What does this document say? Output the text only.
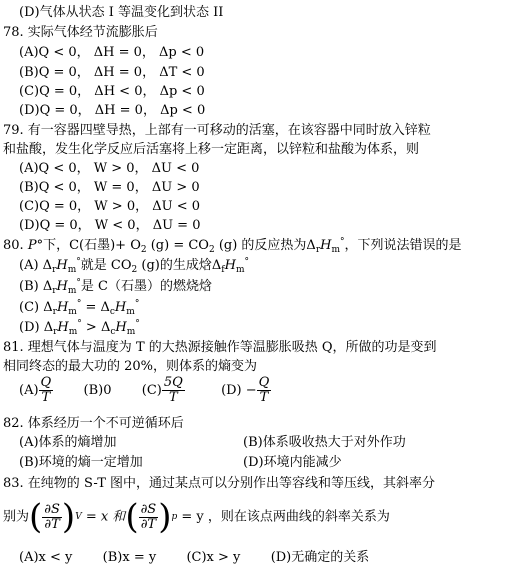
(D)气体从状态 I 等温变化到状态 II
78. 实际气体经节流膨胀后
(A)Q < 0， ΔH = 0， Δp < 0
(B)Q = 0， ΔH = 0， ΔT < 0
(C)Q = 0， ΔH < 0， Δp < 0
(D)Q = 0， ΔH = 0， Δp < 0
79. 有一容器四壁导热，上部有一可移动的活塞，在该容器中同时放入锌粒
和盐酸，发生化学反应后活塞将上移一定距离，以锌粒和盐酸为体系，则
(A)Q < 0， W > 0， ΔU < 0
(B)Q < 0， W = 0， ΔU > 0
(C)Q = 0， W > 0， ΔU < 0
(D)Q = 0， W < 0， ΔU = 0
80. P°下，C(石墨)+ $O_2$ $(g) = CO_2$ (g) 的反应热为$\Delta_rH_m^\circ$，下列说法错误的是
(A) $\Delta_rH_m^\circ$就是 $CO_2$ (g)的生成焓$\Delta_fH_m^\circ$
(B) $\Delta_rH_m^\circ$是 C（石墨）的燃烧焓
(C) $\Delta_rH_m^\circ = \Delta_cH_m^\circ$
(D) $\Delta_rH_m^\circ > \Delta_cH_m^\circ$
81. 理想气体与温度为 T 的大热源接触作等温膨胀吸热 Q，所做的功是变到
相同终态的最大功的 20%，则体系的熵变为
$(A) \frac{Q}{T} (B)0$ $(C) \frac{5Q}{T}$	$(D) - \frac{Q}{T}$
82. 体系经历一个不可逆循环后
(A)体系的熵增加	(B)体系吸收热大于对外作功
(B)环境的熵一定增加	(D)环境内能减少
83. 在纯物的 S-T 图中，通过某点可以分别作出等容线和等压线，其斜率分
别为 ( $\frac{\partial S}{\partial T}$ ) V = x 和 ( $\frac{\partial S}{\partial T}$ ) p = y ，则在该点两曲线的斜率关系为
(A)x < y (B)x = y (C)x > y (D)无确定的关系
